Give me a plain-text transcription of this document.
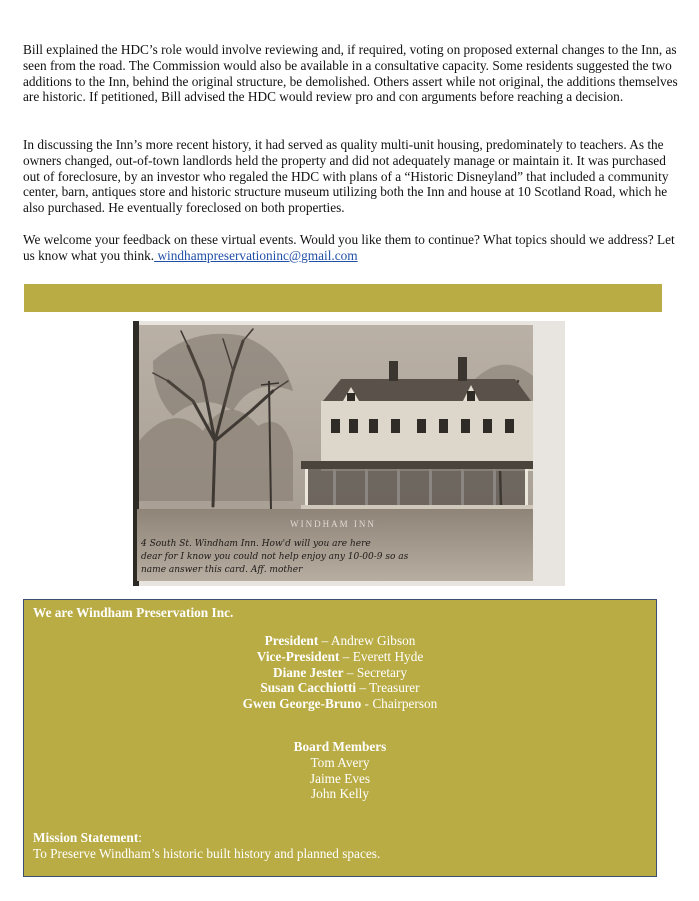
Bill explained the HDC’s role would involve reviewing and, if required, voting on proposed external changes to the Inn, as seen from the road. The Commission would also be available in a consultative capacity. Some residents suggested the two additions to the Inn, behind the original structure, be demolished. Others assert while not original, the additions themselves are historic. If petitioned, Bill advised the HDC would review pro and con arguments before reaching a decision.

In discussing the Inn’s more recent history, it had served as quality multi-unit housing, predominately to teachers. As the owners changed, out-of-town landlords held the property and did not adequately manage or maintain it. It was purchased out of foreclosure, by an investor who regaled the HDC with plans of a “Historic Disneyland” that included a community center, barn, antiques store and historic structure museum utilizing both the Inn and house at 10 Scotland Road, which he also purchased. He eventually foreclosed on both properties.

We welcome your feedback on these virtual events. Would you like them to continue? What topics should we address? Let us know what you think. windhampreservationinc@gmail.com

WINDHAM INN
4 South St. Windham Inn. How'd will you are here
dear for I know you could not help enjoy any 10-00-9 so as
name answer this card. Aff. mother
We are Windham Preservation Inc.
President – Andrew Gibson
Vice-President – Everett Hyde
Diane Jester – Secretary
Susan Cacchiotti – Treasurer
Gwen George-Bruno - Chairperson
Board Members
Tom Avery
Jaime Eves
John Kelly
Mission Statement:
To Preserve Windham’s historic built history and planned spaces.
